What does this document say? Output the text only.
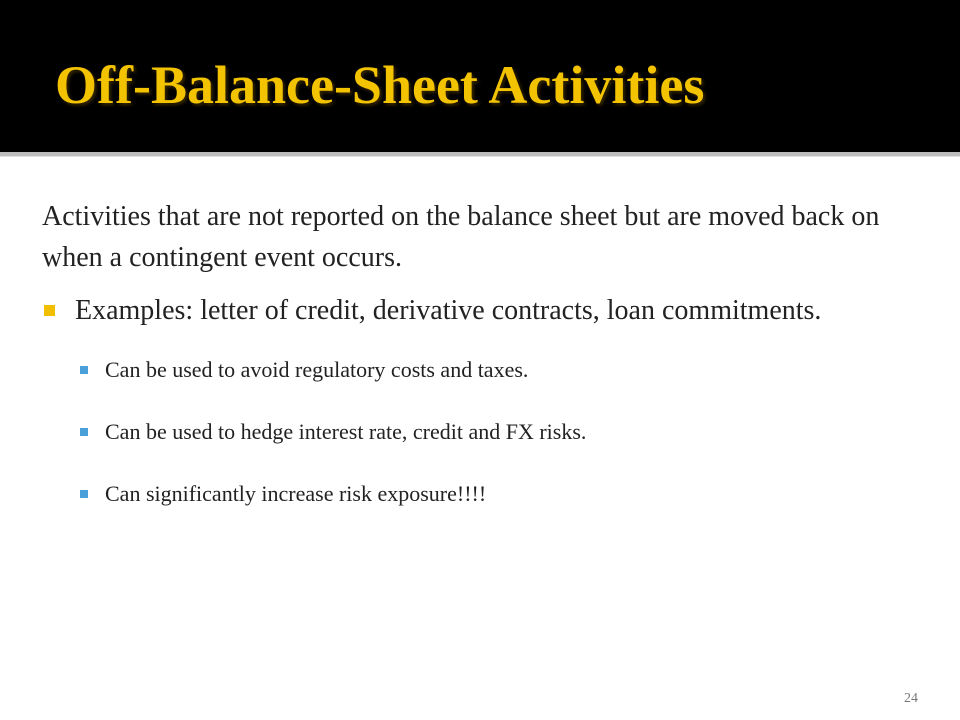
Off-Balance-Sheet Activities

Activities that are not reported on the balance sheet but are moved back on when a contingent event occurs.

Examples: letter of credit, derivative contracts, loan commitments.
Can be used to avoid regulatory costs and taxes.
Can be used to hedge interest rate, credit and FX risks.
Can significantly increase risk exposure!!!!
24
